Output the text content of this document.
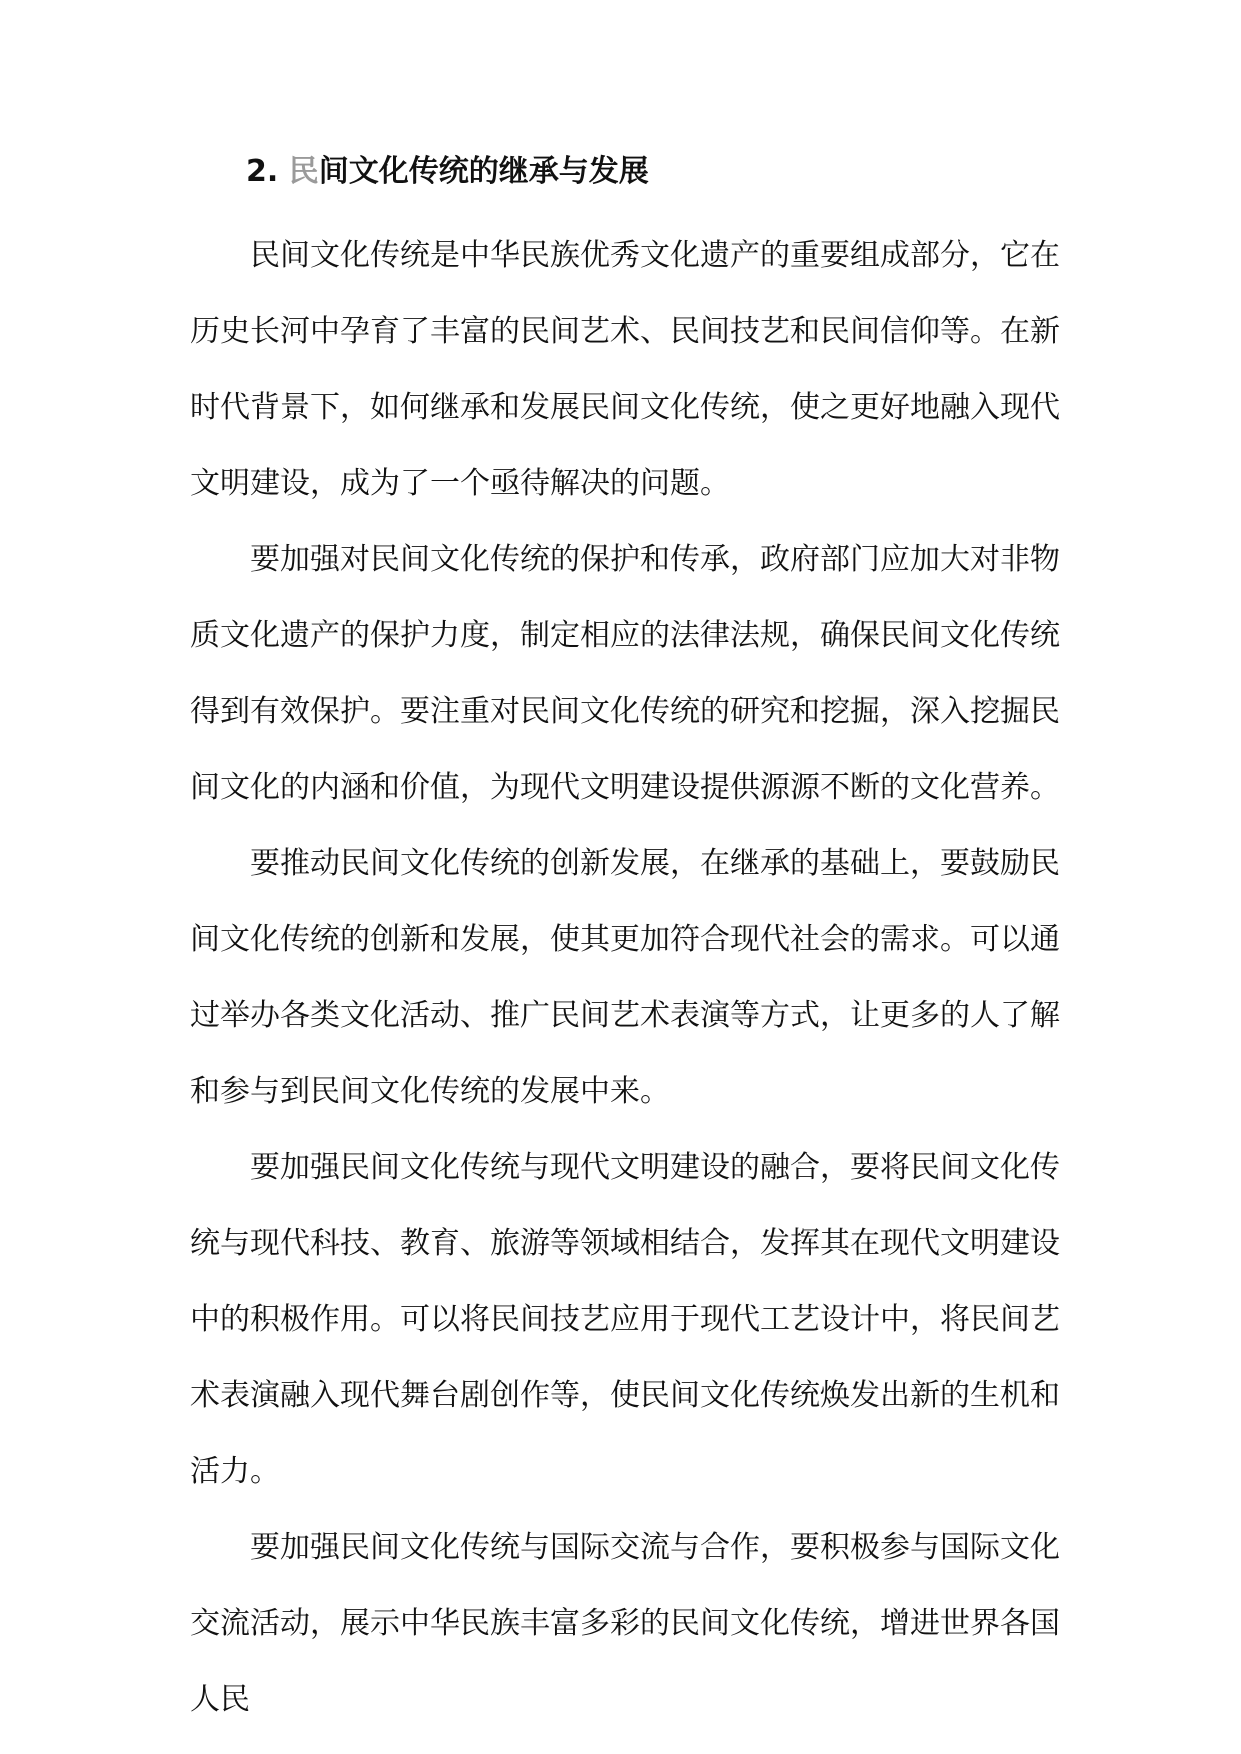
2. 民间文化传统的继承与发展

民间文化传统是中华民族优秀文化遗产的重要组成部分，它在历史长河中孕育了丰富的民间艺术、民间技艺和民间信仰等。在新时代背景下，如何继承和发展民间文化传统，使之更好地融入现代文明建设，成为了一个亟待解决的问题。

要加强对民间文化传统的保护和传承，政府部门应加大对非物质文化遗产的保护力度，制定相应的法律法规，确保民间文化传统得到有效保护。要注重对民间文化传统的研究和挖掘，深入挖掘民间文化的内涵和价值，为现代文明建设提供源源不断的文化营养。

要推动民间文化传统的创新发展，在继承的基础上，要鼓励民间文化传统的创新和发展，使其更加符合现代社会的需求。可以通过举办各类文化活动、推广民间艺术表演等方式，让更多的人了解和参与到民间文化传统的发展中来。

要加强民间文化传统与现代文明建设的融合，要将民间文化传统与现代科技、教育、旅游等领域相结合，发挥其在现代文明建设中的积极作用。可以将民间技艺应用于现代工艺设计中，将民间艺术表演融入现代舞台剧创作等，使民间文化传统焕发出新的生机和活力。

要加强民间文化传统与国际交流与合作，要积极参与国际文化交流活动，展示中华民族丰富多彩的民间文化传统，增进世界各国人民
